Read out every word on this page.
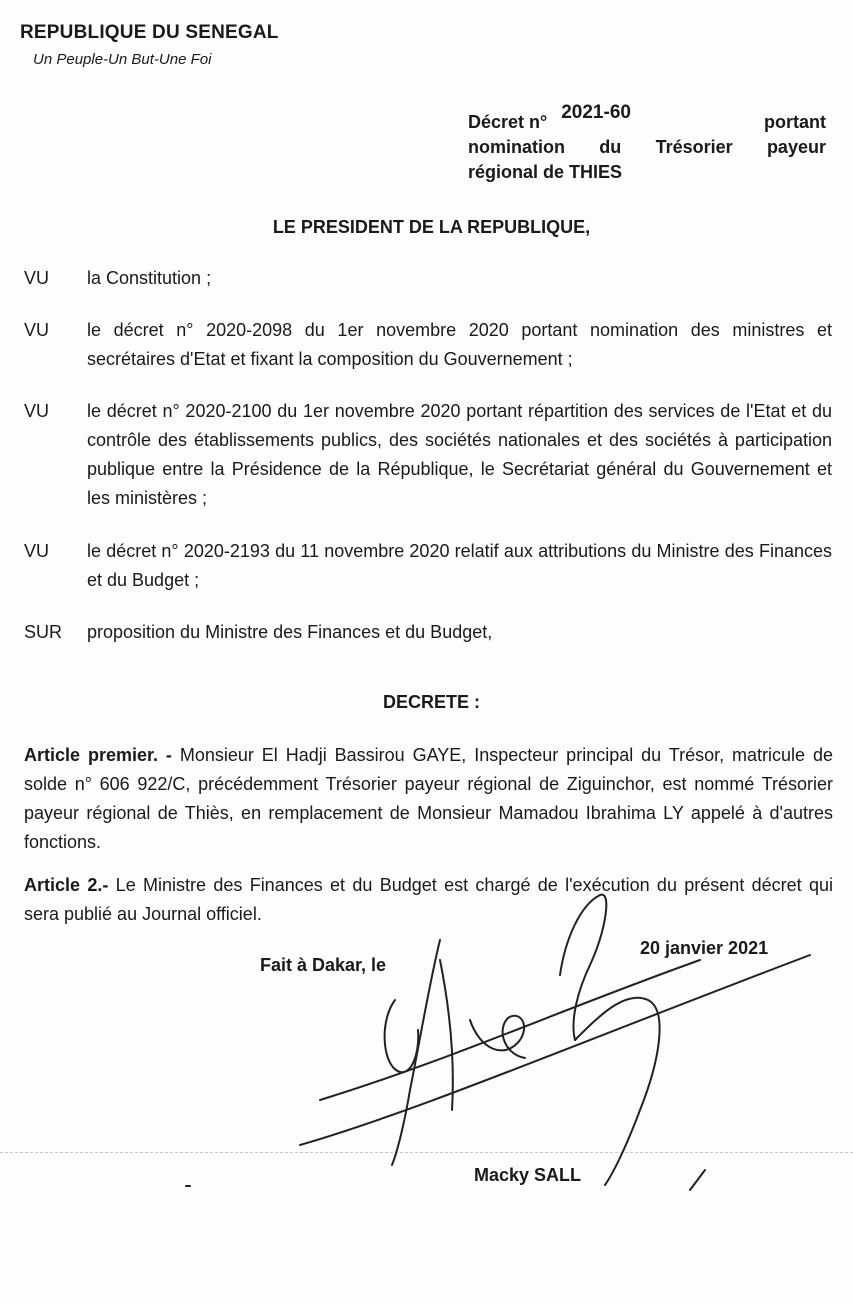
REPUBLIQUE DU SENEGAL
Un Peuple-Un But-Une Foi
Décret n° 2021-60	portant
nomination du Trésorier payeur
régional de THIES
LE PRESIDENT DE LA REPUBLIQUE,
VU	la Constitution ;
VU	le décret n° 2020-2098 du 1er novembre 2020 portant nomination des ministres et secrétaires d'Etat et fixant la composition du Gouvernement ;
VU	le décret n° 2020-2100 du 1er novembre 2020 portant répartition des services de l'Etat et du contrôle des établissements publics, des sociétés nationales et des sociétés à participation publique entre la Présidence de la République, le Secrétariat général du Gouvernement et les ministères ;
VU	le décret n° 2020-2193 du 11 novembre 2020 relatif aux attributions du Ministre des Finances et du Budget ;
SUR	proposition du Ministre des Finances et du Budget,
DECRETE :
Article premier. - Monsieur El Hadji Bassirou GAYE, Inspecteur principal du Trésor, matricule de solde n° 606 922/C, précédemment Trésorier payeur régional de Ziguinchor, est nommé Trésorier payeur régional de Thiès, en remplacement de Monsieur Mamadou Ibrahima LY appelé à d'autres fonctions.
Article 2.- Le Ministre des Finances et du Budget est chargé de l'exécution du présent décret qui sera publié au Journal officiel.
20 janvier 2021
Fait à Dakar, le
Macky SALL
